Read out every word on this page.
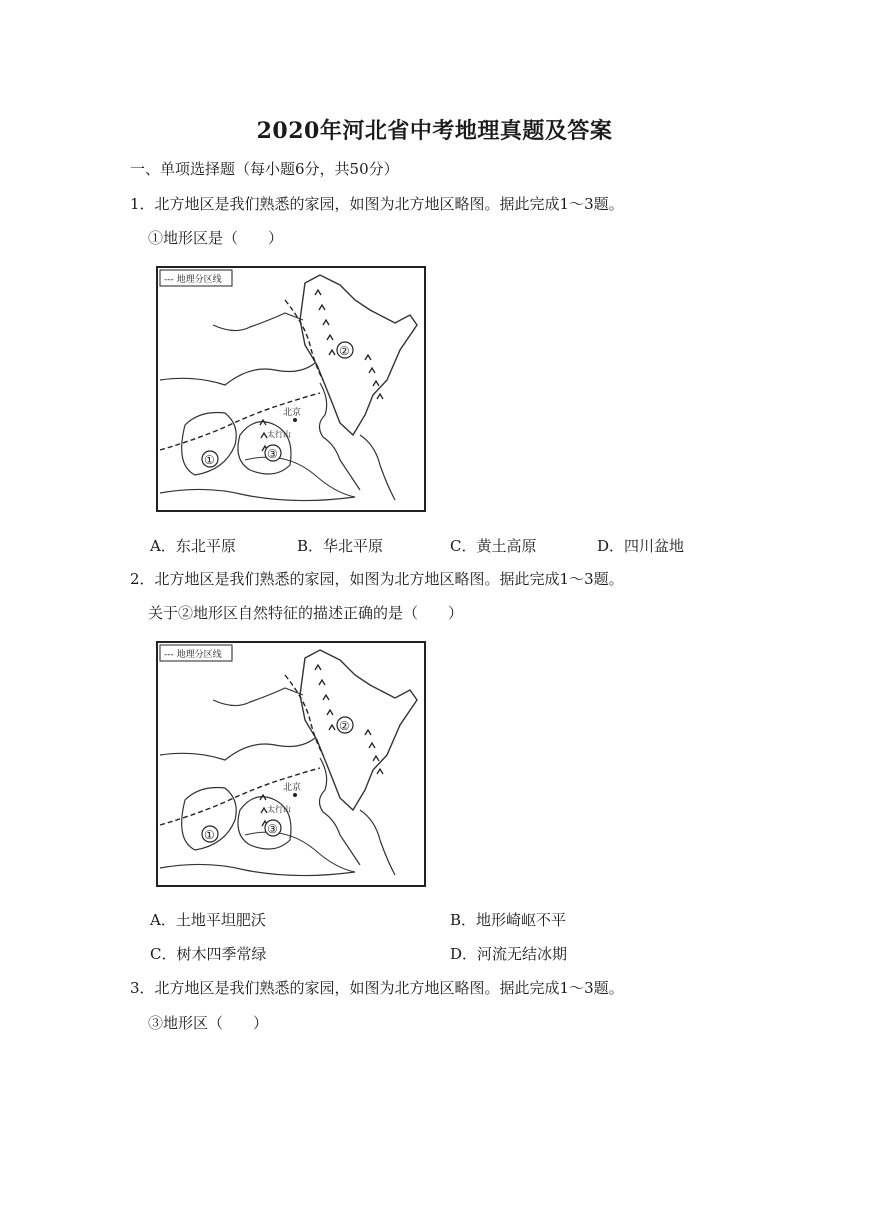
2020年河北省中考地理真题及答案
一、单项选择题（每小题6分，共50分）
1．北方地区是我们熟悉的家园，如图为北方地区略图。据此完成1～3题。
①地形区是（　　）
--- 地理分区线
北京
太行山
①
②
③
A．东北平原	B．华北平原	C．黄土高原	D．四川盆地
2．北方地区是我们熟悉的家园，如图为北方地区略图。据此完成1～3题。
关于②地形区自然特征的描述正确的是（　　）
--- 地理分区线
北京
太行山
①
②
③
A．土地平坦肥沃	B．地形崎岖不平
C．树木四季常绿	D．河流无结冰期
3．北方地区是我们熟悉的家园，如图为北方地区略图。据此完成1～3题。
③地形区（　　）
